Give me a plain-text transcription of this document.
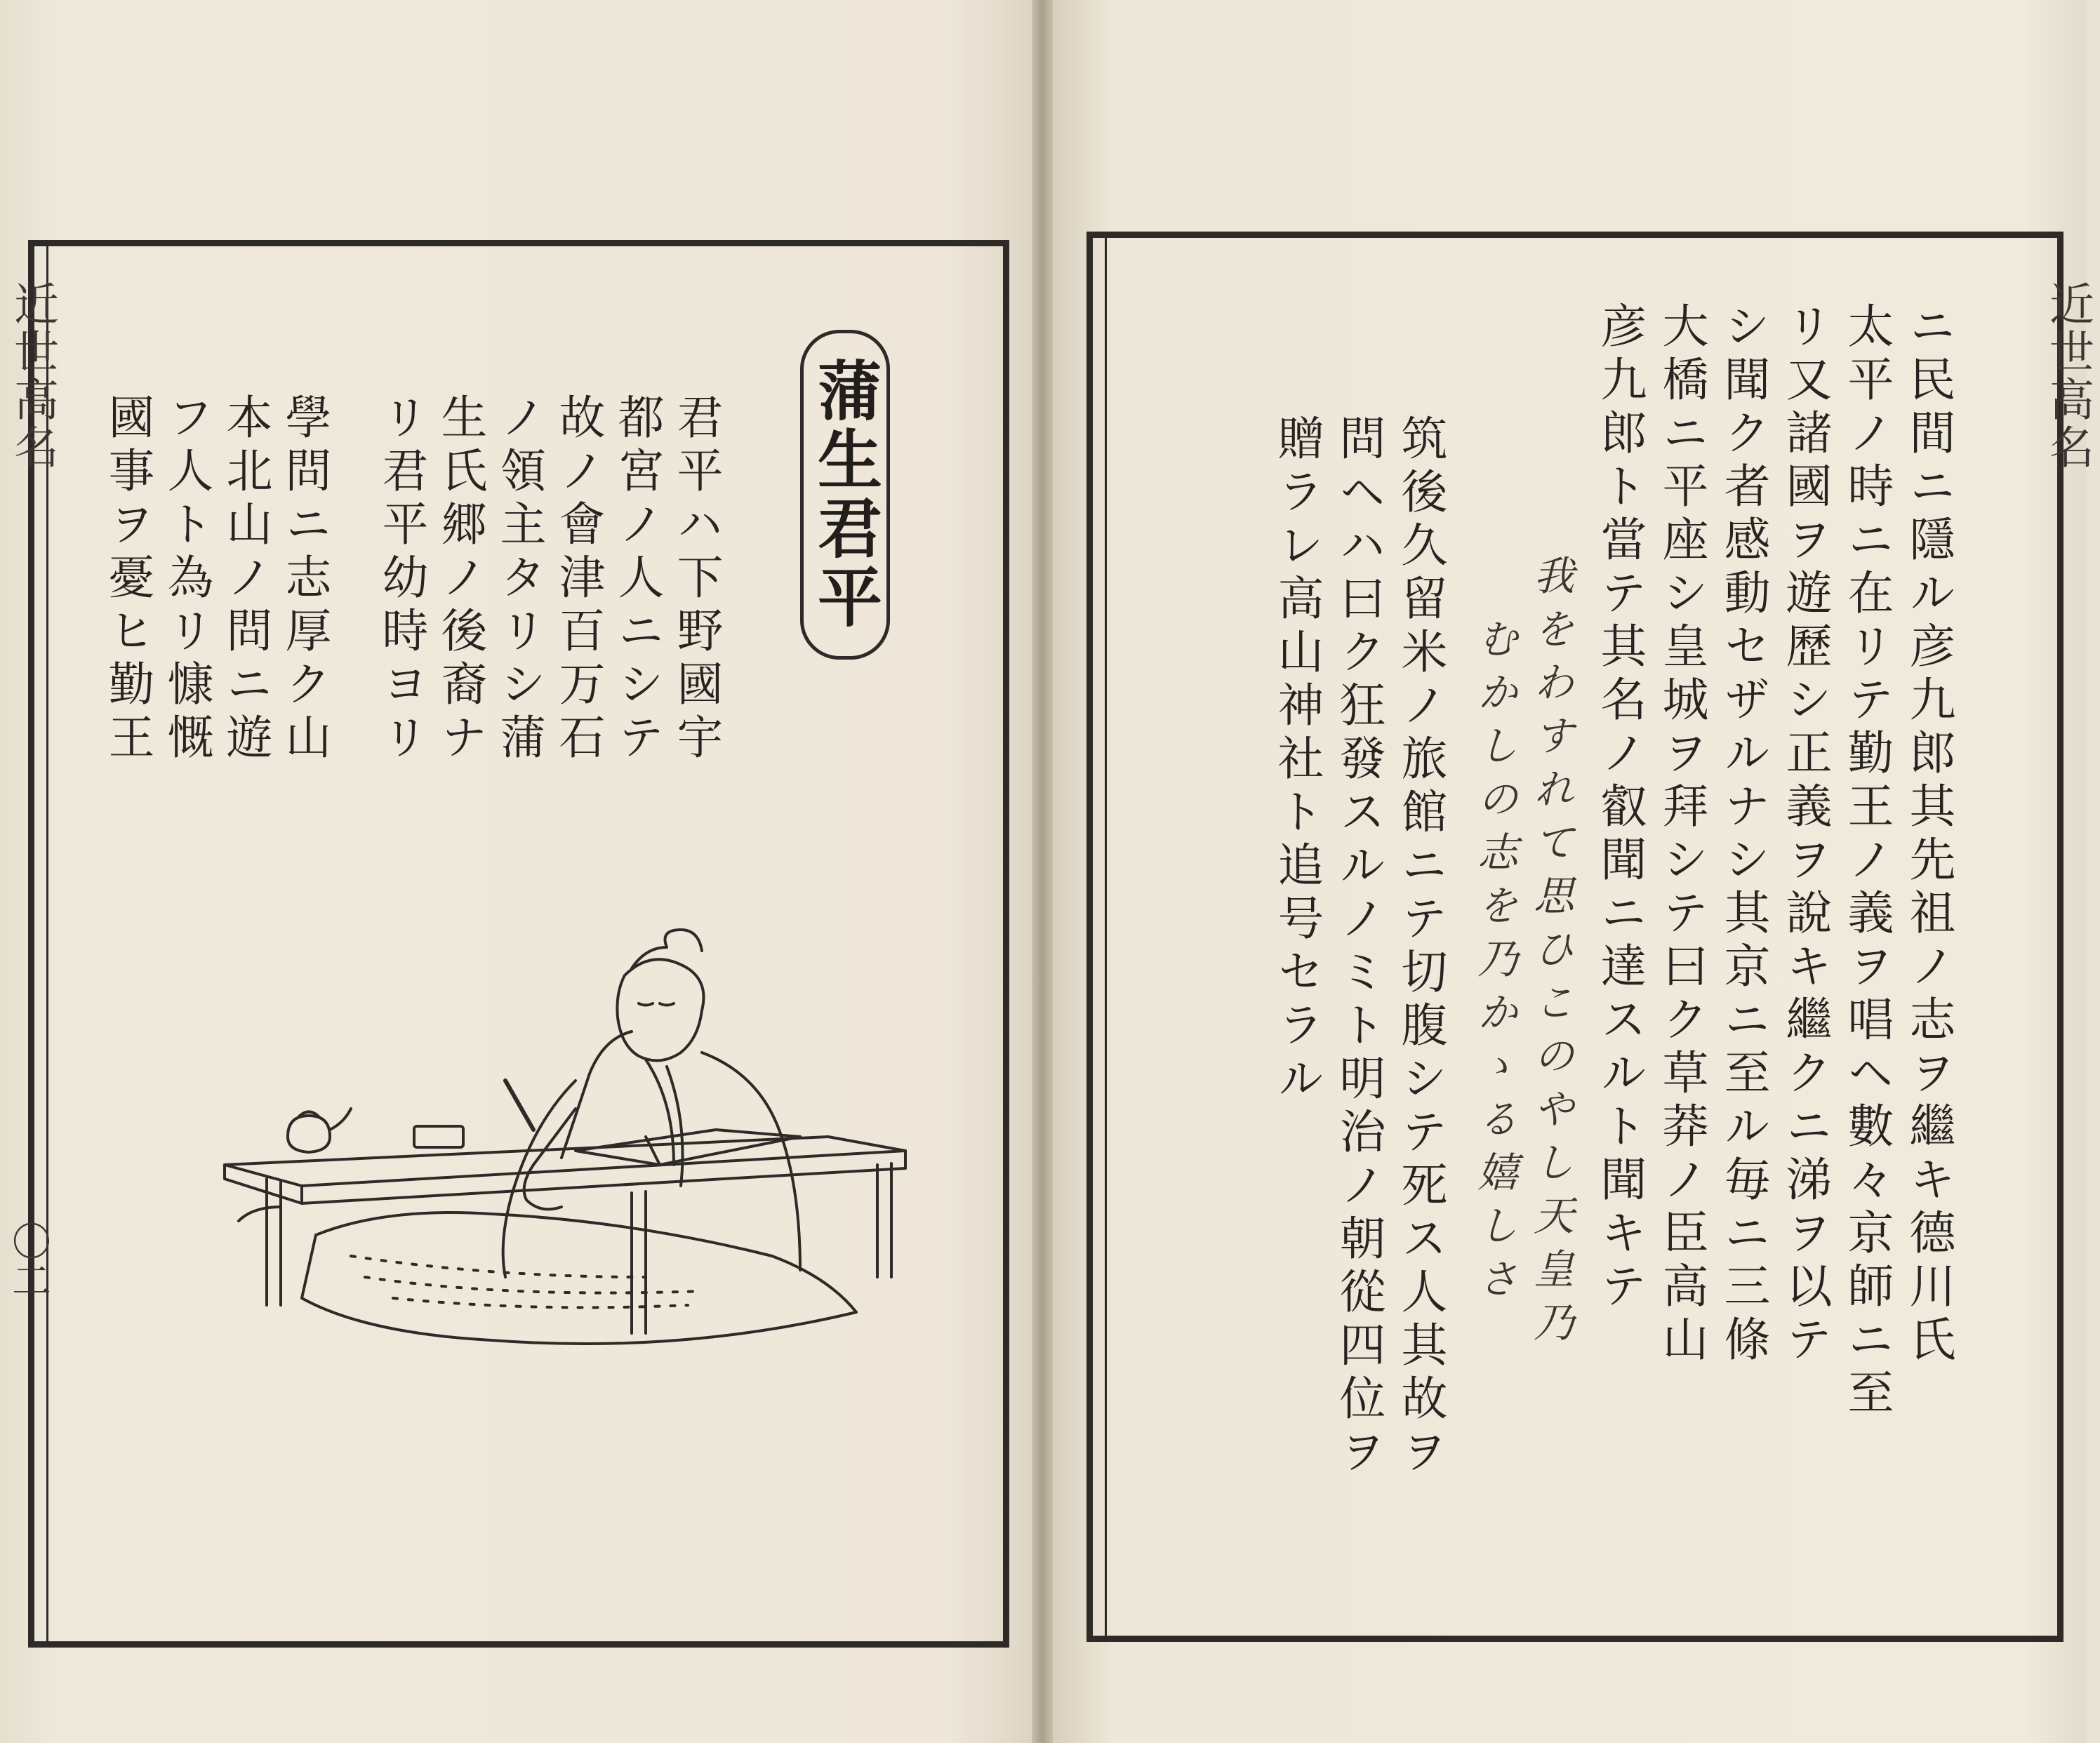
近世高名
〇二
蒲生君平
君平ハ下野國宇
都宮ノ人ニシテ
故ノ會津百万石
ノ領主タリシ蒲
生氏郷ノ後裔ナ
リ君平幼時ヨリ
學問ニ志厚ク山
本北山ノ問ニ遊
フ人ト為リ慷慨
國事ヲ憂ヒ勤王
近世高名
ニ民間ニ隱ル彦九郎其先祖ノ志ヲ繼キ德川氏
太平ノ時ニ在リテ勤王ノ義ヲ唱ヘ數々京師ニ至
リ又諸國ヲ遊歷シ正義ヲ說キ繼クニ涕ヲ以テ
シ聞ク者感動セザルナシ其京ニ至ル毎ニ三條
大橋ニ平座シ皇城ヲ拜シテ曰ク草莽ノ臣高山
彦九郎ト當テ其名ノ叡聞ニ達スルト聞キテ
我をわすれて思ひこのやし天皇乃
むかしの志を乃かゝる嬉しさ
筑後久留米ノ旅館ニテ切腹シテ死ス人其故ヲ
問ヘハ曰ク狂發スルノミト明治ノ朝從四位ヲ
贈ラレ高山神社ト追号セラル
